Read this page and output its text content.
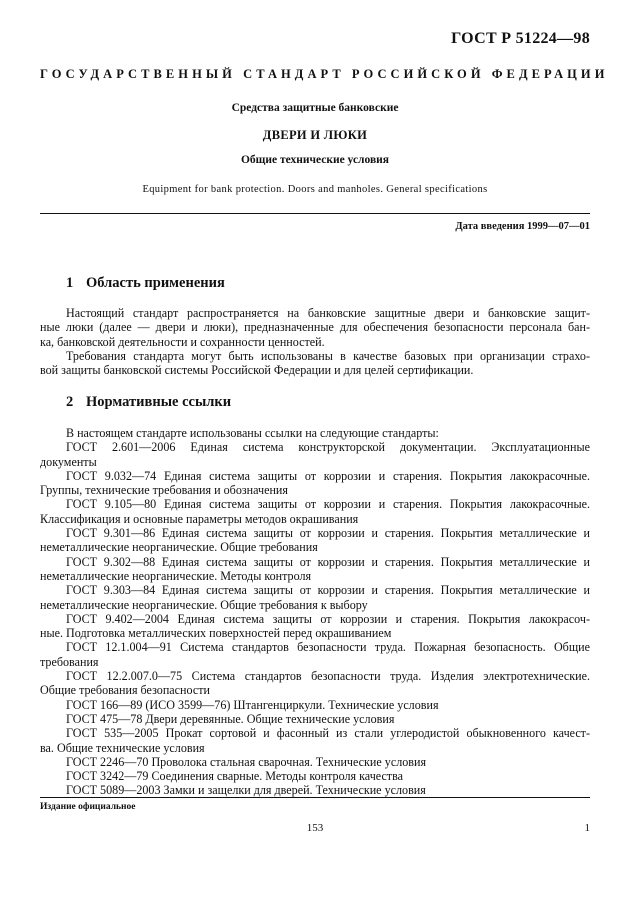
ГОСТ Р 51224—98
ГОСУДАРСТВЕННЫЙ СТАНДАРТ РОССИЙСКОЙ ФЕДЕРАЦИИ
Средства защитные банковские
ДВЕРИ И ЛЮКИ
Общие технические условия
Equipment for bank protection. Doors and manholes. General specifications
Дата введения 1999—07—01
1 Область применения
Настоящий стандарт распространяется на банковские защитные двери и банковские защит-
ные люки (далее — двери и люки), предназначенные для обеспечения безопасности персонала бан-
ка, банковской деятельности и сохранности ценностей.
Требования стандарта могут быть использованы в качестве базовых при организации страхо-
вой защиты банковской системы Российской Федерации и для целей сертификации.
2 Нормативные ссылки
В настоящем стандарте использованы ссылки на следующие стандарты:
ГОСТ 2.601—2006 Единая система конструкторской документации. Эксплуатационные
документы
ГОСТ 9.032—74 Единая система защиты от коррозии и старения. Покрытия лакокрасочные.
Группы, технические требования и обозначения
ГОСТ 9.105—80 Единая система защиты от коррозии и старения. Покрытия лакокрасочные.
Классификация и основные параметры методов окрашивания
ГОСТ 9.301—86 Единая система защиты от коррозии и старения. Покрытия металлические и
неметаллические неорганические. Общие требования
ГОСТ 9.302—88 Единая система защиты от коррозии и старения. Покрытия металлические и
неметаллические неорганические. Методы контроля
ГОСТ 9.303—84 Единая система защиты от коррозии и старения. Покрытия металлические и
неметаллические неорганические. Общие требования к выбору
ГОСТ 9.402—2004 Единая система защиты от коррозии и старения. Покрытия лакокрасоч-
ные. Подготовка металлических поверхностей перед окрашиванием
ГОСТ 12.1.004—91 Система стандартов безопасности труда. Пожарная безопасность. Общие
требования
ГОСТ 12.2.007.0—75 Система стандартов безопасности труда. Изделия электротехнические.
Общие требования безопасности
ГОСТ 166—89 (ИСО 3599—76) Штангенциркули. Технические условия
ГОСТ 475—78 Двери деревянные. Общие технические условия
ГОСТ 535—2005 Прокат сортовой и фасонный из стали углеродистой обыкновенного качест-
ва. Общие технические условия
ГОСТ 2246—70 Проволока стальная сварочная. Технические условия
ГОСТ 3242—79 Соединения сварные. Методы контроля качества
ГОСТ 5089—2003 Замки и защелки для дверей. Технические условия
Издание официальное
153	1
